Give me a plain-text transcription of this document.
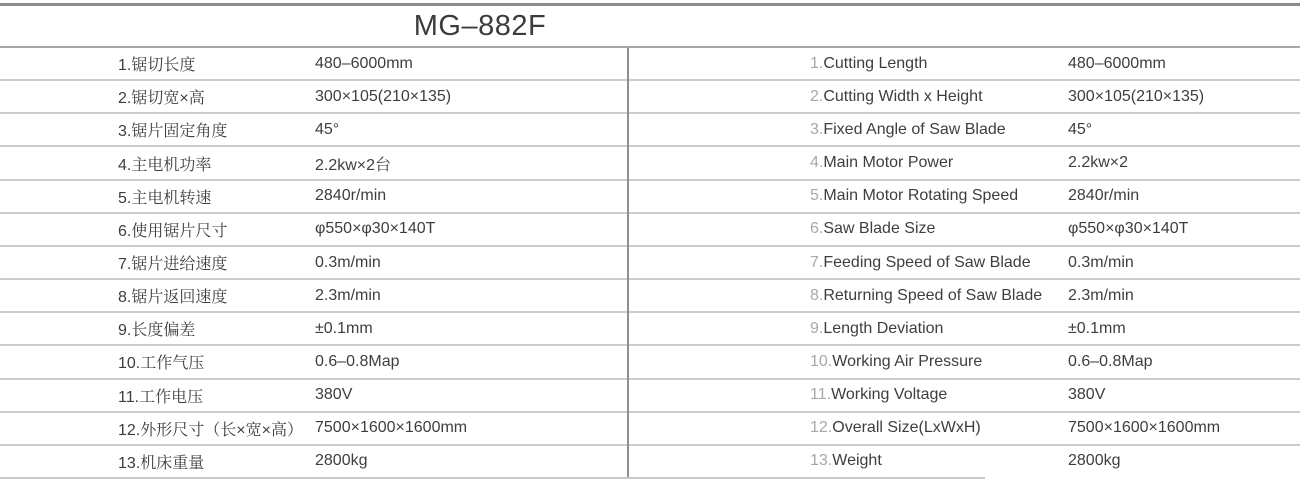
MG–882F
1. 锯切长度	480–6000mm
2. 锯切宽×高	300×105(210×135)
3. 锯片固定角度	45°
4. 主电机功率	2.2kw×2台
5. 主电机转速	2840r/min
6. 使用锯片尺寸	φ550×φ30×140T
7. 锯片进给速度	0.3m/min
8. 锯片返回速度	2.3m/min
9. 长度偏差	±0.1mm
10. 工作气压	0.6–0.8Map
11. 工作电压	380V
12. 外形尺寸（长×宽×高） 7500×1600×1600mm
13. 机床重量	2800kg
1. Cutting Length	480–6000mm
2. Cutting Width x Height	300×105(210×135)
3. Fixed Angle of Saw Blade	45°
4. Main Motor Power	2.2kw×2
5. Main Motor Rotating Speed	2840r/min
6. Saw Blade Size	φ550×φ30×140T
7. Feeding Speed of Saw Blade 0.3m/min
8. Returning Speed of Saw Blade 2.3m/min
9. Length Deviation	±0.1mm
10. Working Air Pressure	0.6–0.8Map
11. Working Voltage	380V
12. Overall Size(LxWxH)	7500×1600×1600mm
13. Weight	2800kg
